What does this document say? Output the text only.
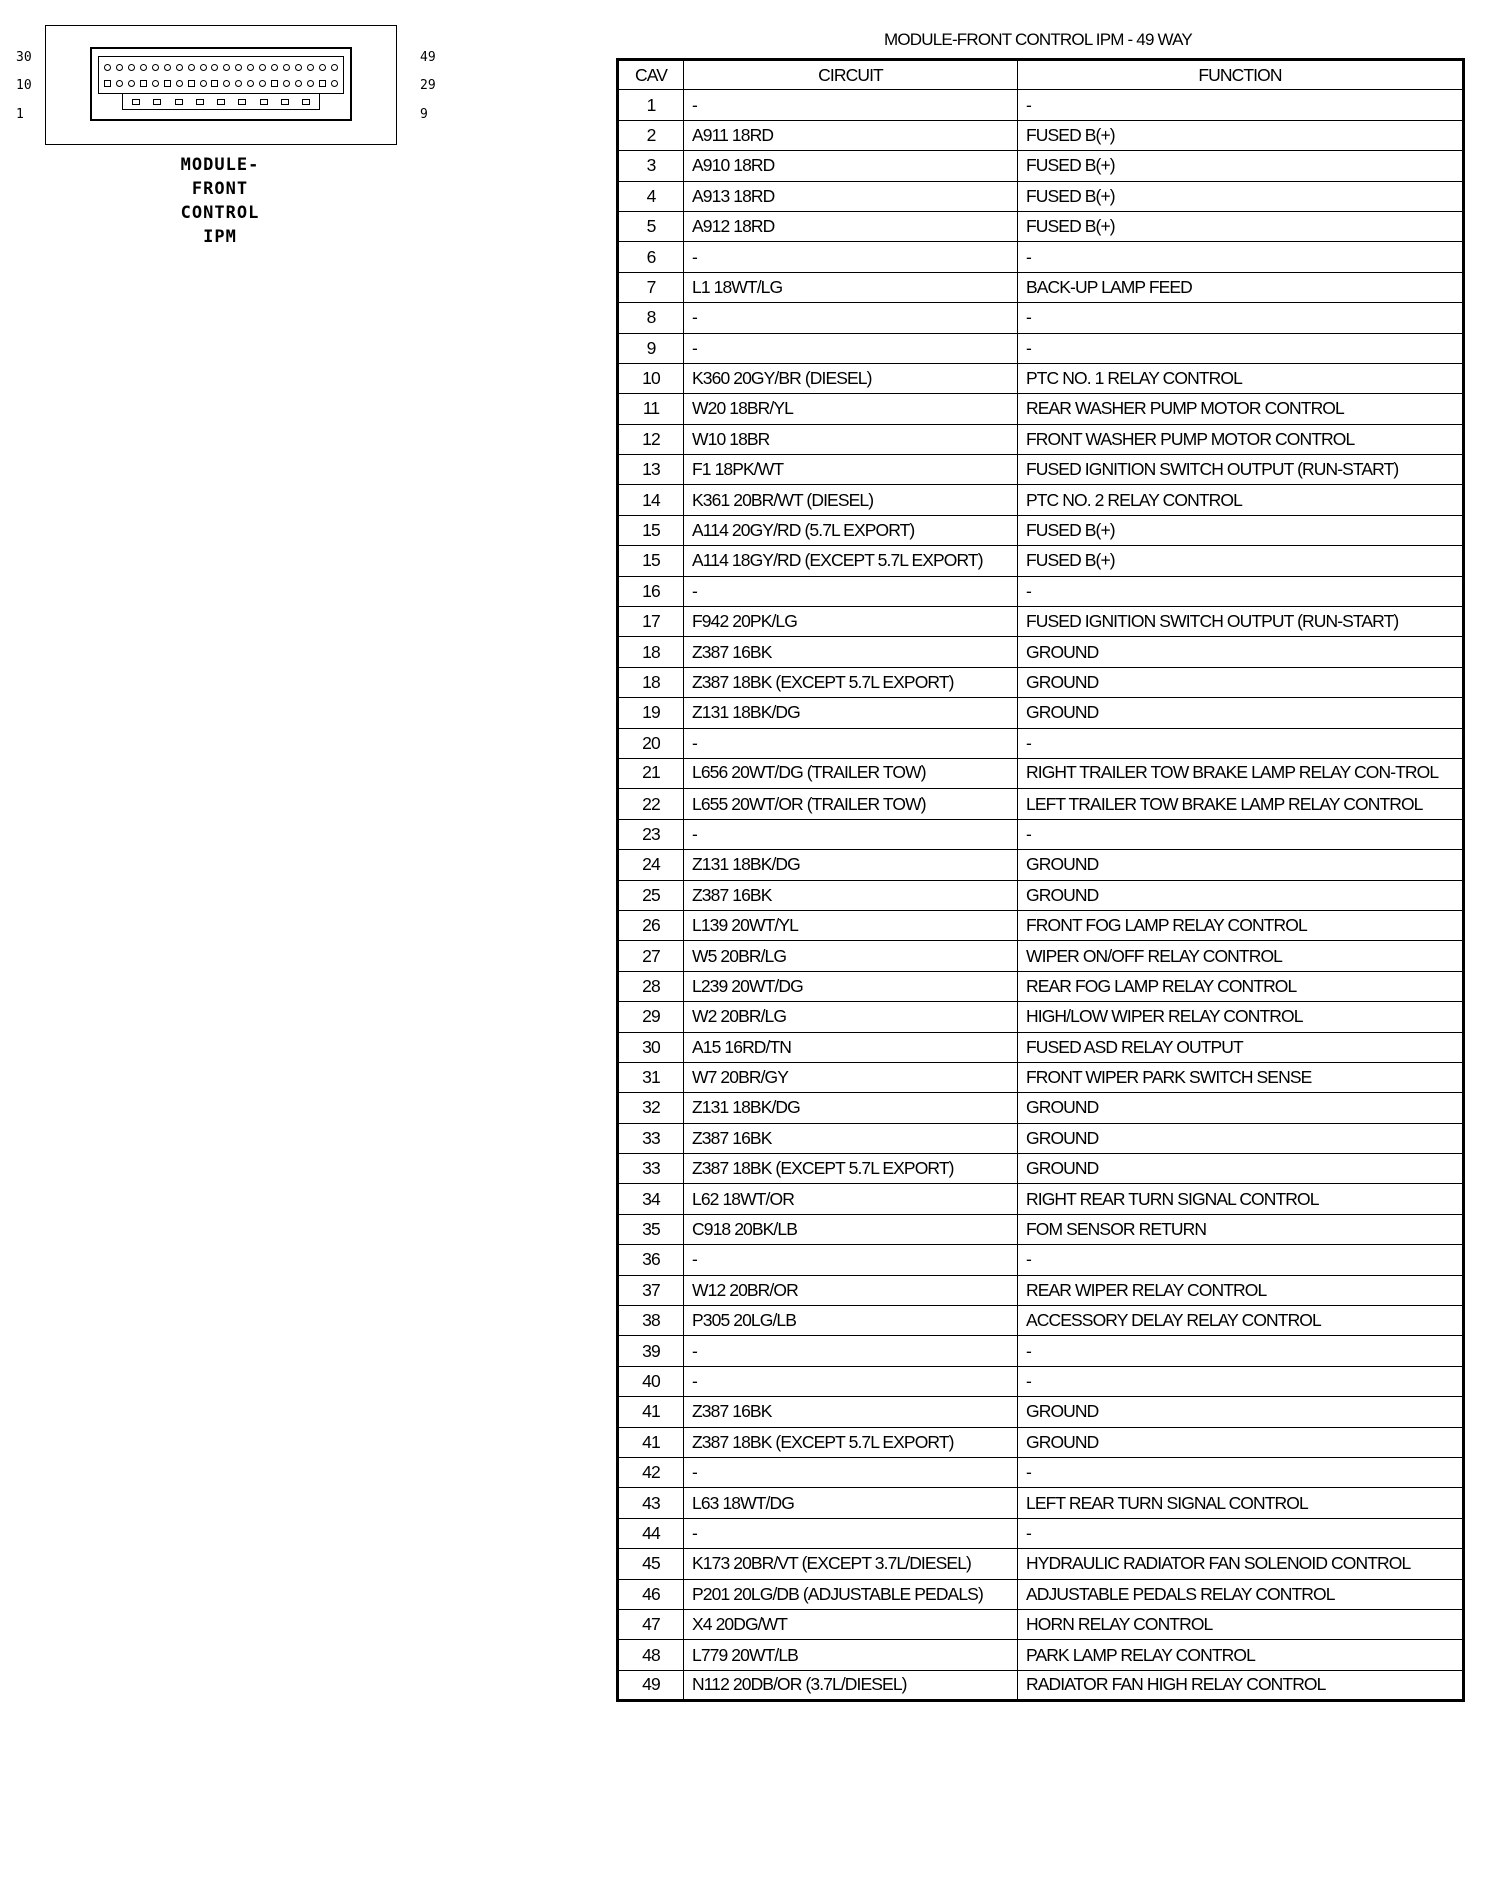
30
10
1
49
29
9
MODULE-
FRONT
CONTROL
IPM
MODULE-FRONT CONTROL IPM - 49 WAY
CAV	CIRCUIT	FUNCTION
1	-	-
2	A911 18RD	FUSED B(+)
3	A910 18RD	FUSED B(+)
4	A913 18RD	FUSED B(+)
5	A912 18RD	FUSED B(+)
6	-	-
7	L1 18WT/LG	BACK-UP LAMP FEED
8	-	-
9	-	-
10	K360 20GY/BR (DIESEL)	PTC NO. 1 RELAY CONTROL
11	W20 18BR/YL	REAR WASHER PUMP MOTOR CONTROL
12	W10 18BR	FRONT WASHER PUMP MOTOR CONTROL
13	F1 18PK/WT	FUSED IGNITION SWITCH OUTPUT (RUN-START)
14	K361 20BR/WT (DIESEL)	PTC NO. 2 RELAY CONTROL
15	A114 20GY/RD (5.7L EXPORT)	FUSED B(+)
15	A114 18GY/RD (EXCEPT 5.7L EXPORT)	FUSED B(+)
16	-	-
17	F942 20PK/LG	FUSED IGNITION SWITCH OUTPUT (RUN-START)
18	Z387 16BK	GROUND
18	Z387 18BK (EXCEPT 5.7L EXPORT)	GROUND
19	Z131 18BK/DG	GROUND
20	-	-
21	L656 20WT/DG (TRAILER TOW)	RIGHT TRAILER TOW BRAKE LAMP RELAY CON-TROL
22	L655 20WT/OR (TRAILER TOW)	LEFT TRAILER TOW BRAKE LAMP RELAY CONTROL
23	-	-
24	Z131 18BK/DG	GROUND
25	Z387 16BK	GROUND
26	L139 20WT/YL	FRONT FOG LAMP RELAY CONTROL
27	W5 20BR/LG	WIPER ON/OFF RELAY CONTROL
28	L239 20WT/DG	REAR FOG LAMP RELAY CONTROL
29	W2 20BR/LG	HIGH/LOW WIPER RELAY CONTROL
30	A15 16RD/TN	FUSED ASD RELAY OUTPUT
31	W7 20BR/GY	FRONT WIPER PARK SWITCH SENSE
32	Z131 18BK/DG	GROUND
33	Z387 16BK	GROUND
33	Z387 18BK (EXCEPT 5.7L EXPORT)	GROUND
34	L62 18WT/OR	RIGHT REAR TURN SIGNAL CONTROL
35	C918 20BK/LB	FOM SENSOR RETURN
36	-	-
37	W12 20BR/OR	REAR WIPER RELAY CONTROL
38	P305 20LG/LB	ACCESSORY DELAY RELAY CONTROL
39	-	-
40	-	-
41	Z387 16BK	GROUND
41	Z387 18BK (EXCEPT 5.7L EXPORT)	GROUND
42	-	-
43	L63 18WT/DG	LEFT REAR TURN SIGNAL CONTROL
44	-	-
45	K173 20BR/VT (EXCEPT 3.7L/DIESEL)	HYDRAULIC RADIATOR FAN SOLENOID CONTROL
46	P201 20LG/DB (ADJUSTABLE PEDALS)	ADJUSTABLE PEDALS RELAY CONTROL
47	X4 20DG/WT	HORN RELAY CONTROL
48	L779 20WT/LB	PARK LAMP RELAY CONTROL
49	N112 20DB/OR (3.7L/DIESEL)	RADIATOR FAN HIGH RELAY CONTROL
